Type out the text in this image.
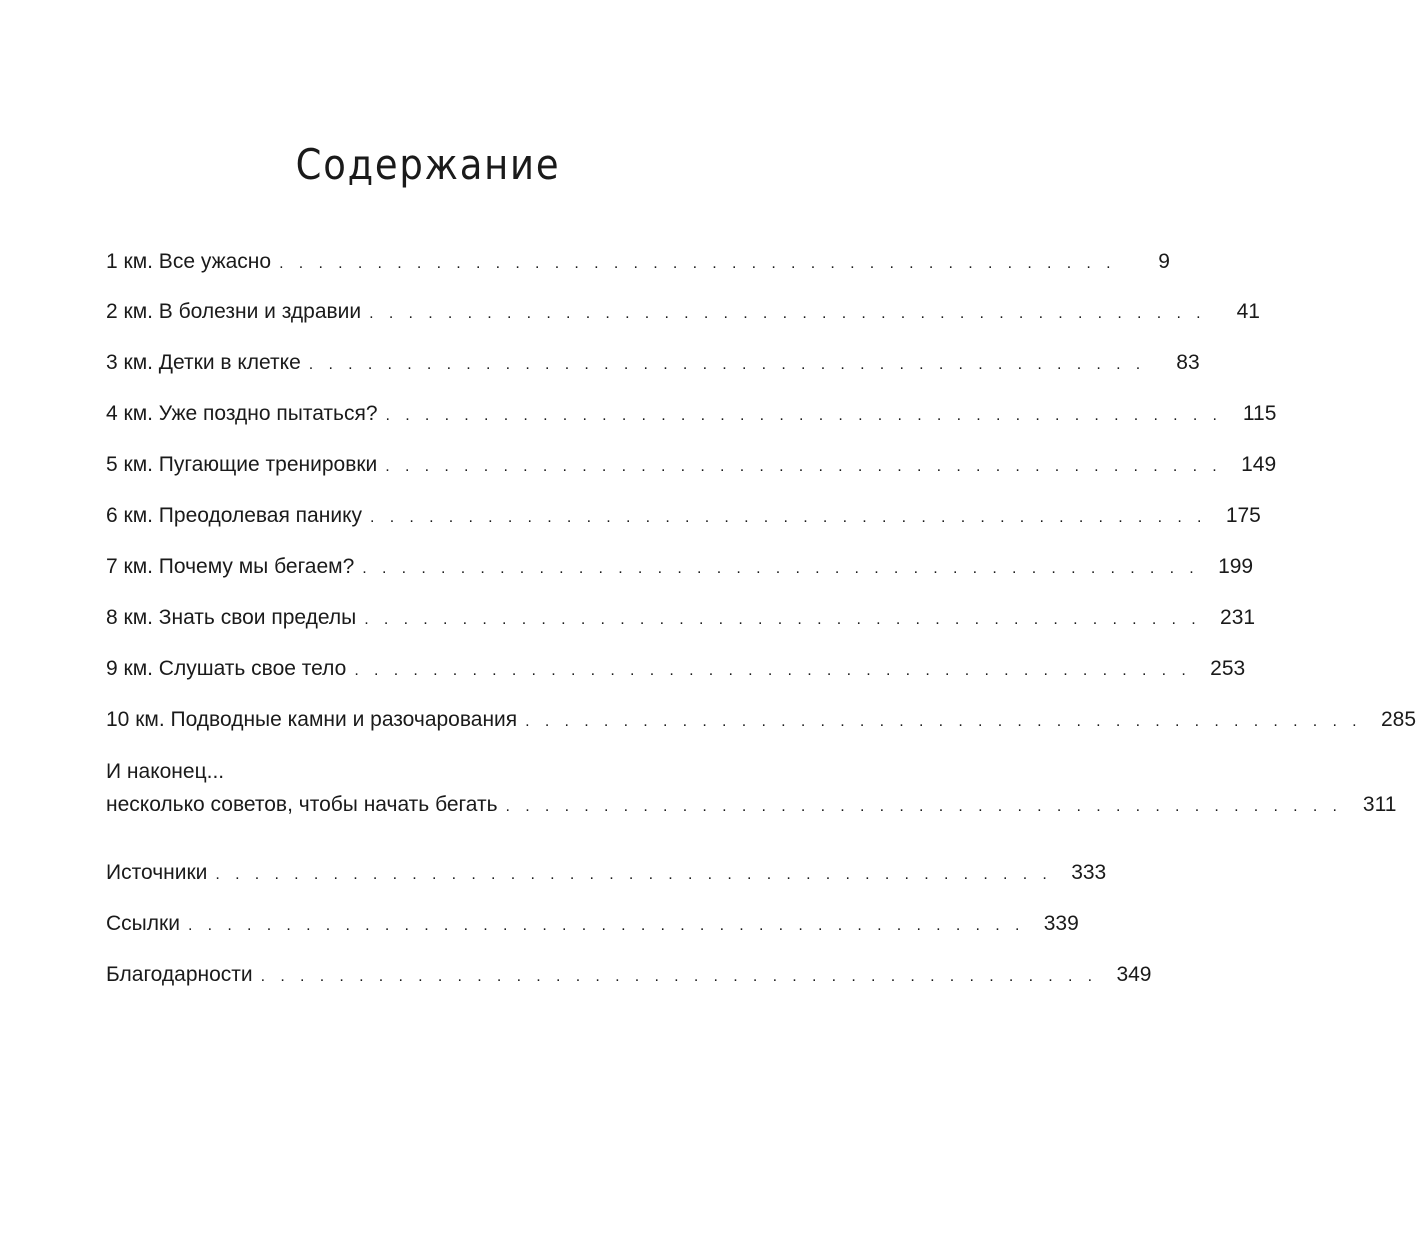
Содержание
1 км. Все ужасно . . . . . . . . . . . . . . . . . . . . . . . . . . . . . . . . . . . . . . . . . . .	9
2 км. В болезни и здравии . . . . . . . . . . . . . . . . . . . . . . . . . . . . . . . . . . . . . . . . . . .	41
3 км. Детки в клетке . . . . . . . . . . . . . . . . . . . . . . . . . . . . . . . . . . . . . . . . . . .	83
4 км. Уже поздно пытаться? . . . . . . . . . . . . . . . . . . . . . . . . . . . . . . . . . . . . . . . . . . . 115
5 км. Пугающие тренировки . . . . . . . . . . . . . . . . . . . . . . . . . . . . . . . . . . . . . . . . . . . 149
6 км. Преодолевая панику . . . . . . . . . . . . . . . . . . . . . . . . . . . . . . . . . . . . . . . . . . . 175
7 км. Почему мы бегаем? . . . . . . . . . . . . . . . . . . . . . . . . . . . . . . . . . . . . . . . . . . . 199
8 км. Знать свои пределы . . . . . . . . . . . . . . . . . . . . . . . . . . . . . . . . . . . . . . . . . . . 231
9 км. Слушать свое тело . . . . . . . . . . . . . . . . . . . . . . . . . . . . . . . . . . . . . . . . . . . 253
10 км. Подводные камни и разочарования . . . . . . . . . . . . . . . . . . . . . . . . . . . . . . . . . . . . . . . . . . . 285
И наконец...
несколько советов, чтобы начать бегать . . . . . . . . . . . . . . . . . . . . . . . . . . . . . . . . . . . . . . . . . . . 311
Источники . . . . . . . . . . . . . . . . . . . . . . . . . . . . . . . . . . . . . . . . . . . 333
Ссылки . . . . . . . . . . . . . . . . . . . . . . . . . . . . . . . . . . . . . . . . . . . 339
Благодарности . . . . . . . . . . . . . . . . . . . . . . . . . . . . . . . . . . . . . . . . . . . 349
